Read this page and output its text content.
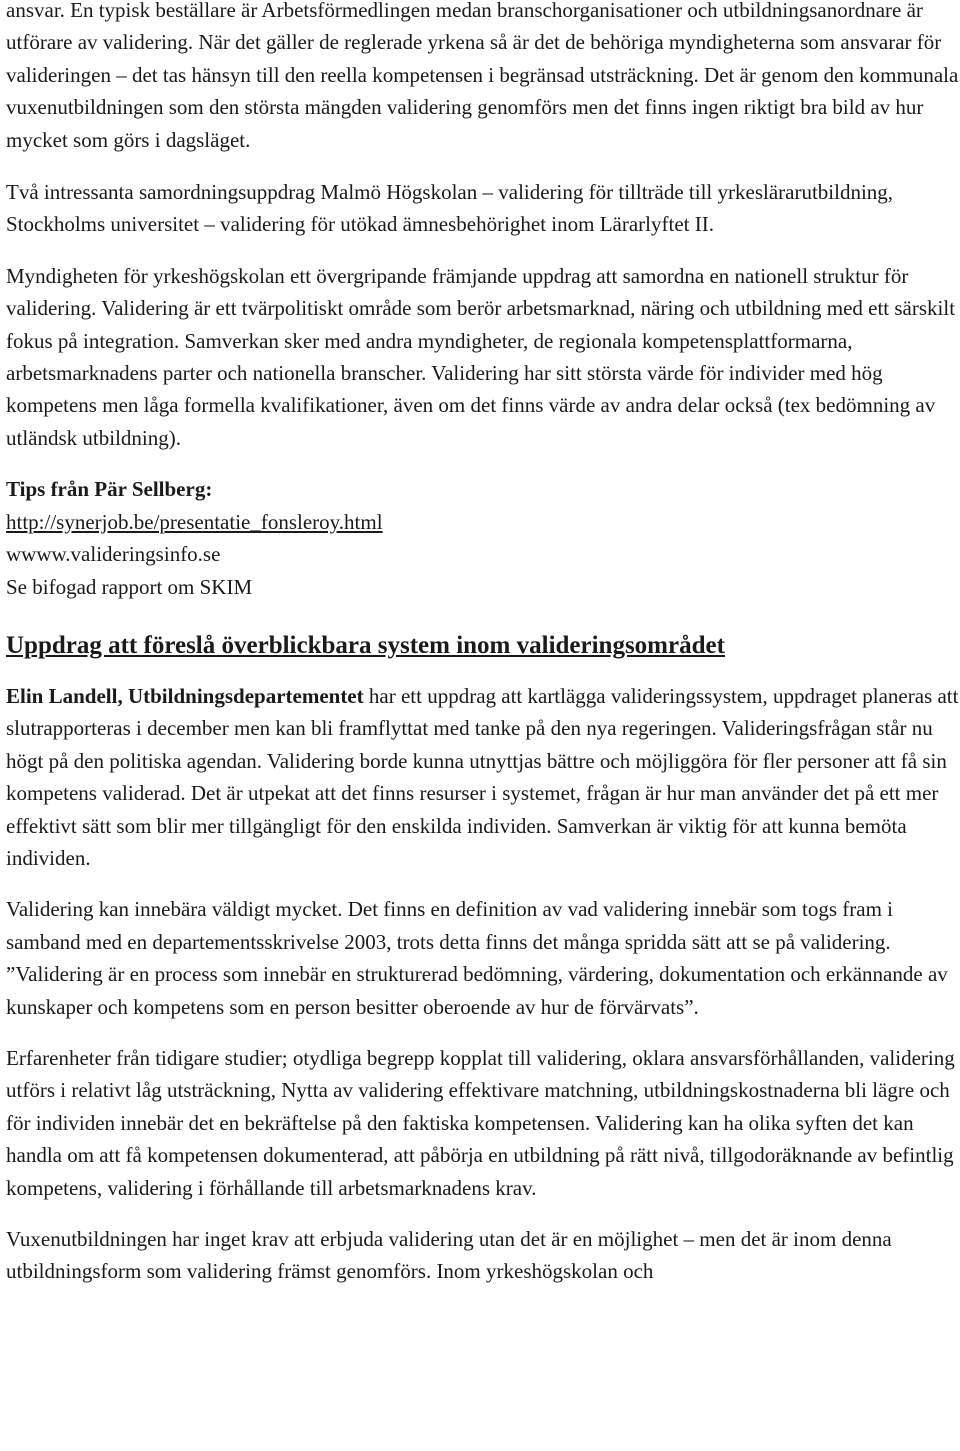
ansvar. En typisk beställare är Arbetsförmedlingen medan branschorganisationer och utbildningsanordnare är utförare av validering. När det gäller de reglerade yrkena så är det de behöriga myndigheterna som ansvarar för valideringen – det tas hänsyn till den reella kompetensen i begränsad utsträckning. Det är genom den kommunala vuxenutbildningen som den största mängden validering genomförs men det finns ingen riktigt bra bild av hur mycket som görs i dagsläget.

Två intressanta samordningsuppdrag Malmö Högskolan – validering för tillträde till yrkeslärarutbildning, Stockholms universitet – validering för utökad ämnesbehörighet inom Lärarlyftet II.

Myndigheten för yrkeshögskolan ett övergripande främjande uppdrag att samordna en nationell struktur för validering. Validering är ett tvärpolitiskt område som berör arbetsmarknad, näring och utbildning med ett särskilt fokus på integration. Samverkan sker med andra myndigheter, de regionala kompetensplattformarna, arbetsmarknadens parter och nationella branscher. Validering har sitt största värde för individer med hög kompetens men låga formella kvalifikationer, även om det finns värde av andra delar också (tex bedömning av utländsk utbildning).

Tips från Pär Sellberg:
http://synerjob.be/presentatie_fonsleroy.html
wwww.valideringsinfo.se
Se bifogad rapport om SKIM
Uppdrag att föreslå överblickbara system inom valideringsområdet

Elin Landell, Utbildningsdepartementet har ett uppdrag att kartlägga valideringssystem, uppdraget planeras att slutrapporteras i december men kan bli framflyttat med tanke på den nya regeringen. Valideringsfrågan står nu högt på den politiska agendan. Validering borde kunna utnyttjas bättre och möjliggöra för fler personer att få sin kompetens validerad. Det är utpekat att det finns resurser i systemet, frågan är hur man använder det på ett mer effektivt sätt som blir mer tillgängligt för den enskilda individen. Samverkan är viktig för att kunna bemöta individen.

Validering kan innebära väldigt mycket. Det finns en definition av vad validering innebär som togs fram i samband med en departementsskrivelse 2003, trots detta finns det många spridda sätt att se på validering. ”Validering är en process som innebär en strukturerad bedömning, värdering, dokumentation och erkännande av kunskaper och kompetens som en person besitter oberoende av hur de förvärvats”.

Erfarenheter från tidigare studier; otydliga begrepp kopplat till validering, oklara ansvarsförhållanden, validering utförs i relativt låg utsträckning, Nytta av validering effektivare matchning, utbildningskostnaderna bli lägre och för individen innebär det en bekräftelse på den faktiska kompetensen. Validering kan ha olika syften det kan handla om att få kompetensen dokumenterad, att påbörja en utbildning på rätt nivå, tillgodoräknande av befintlig kompetens, validering i förhållande till arbetsmarknadens krav.

Vuxenutbildningen har inget krav att erbjuda validering utan det är en möjlighet – men det är inom denna utbildningsform som validering främst genomförs. Inom yrkeshögskolan och
